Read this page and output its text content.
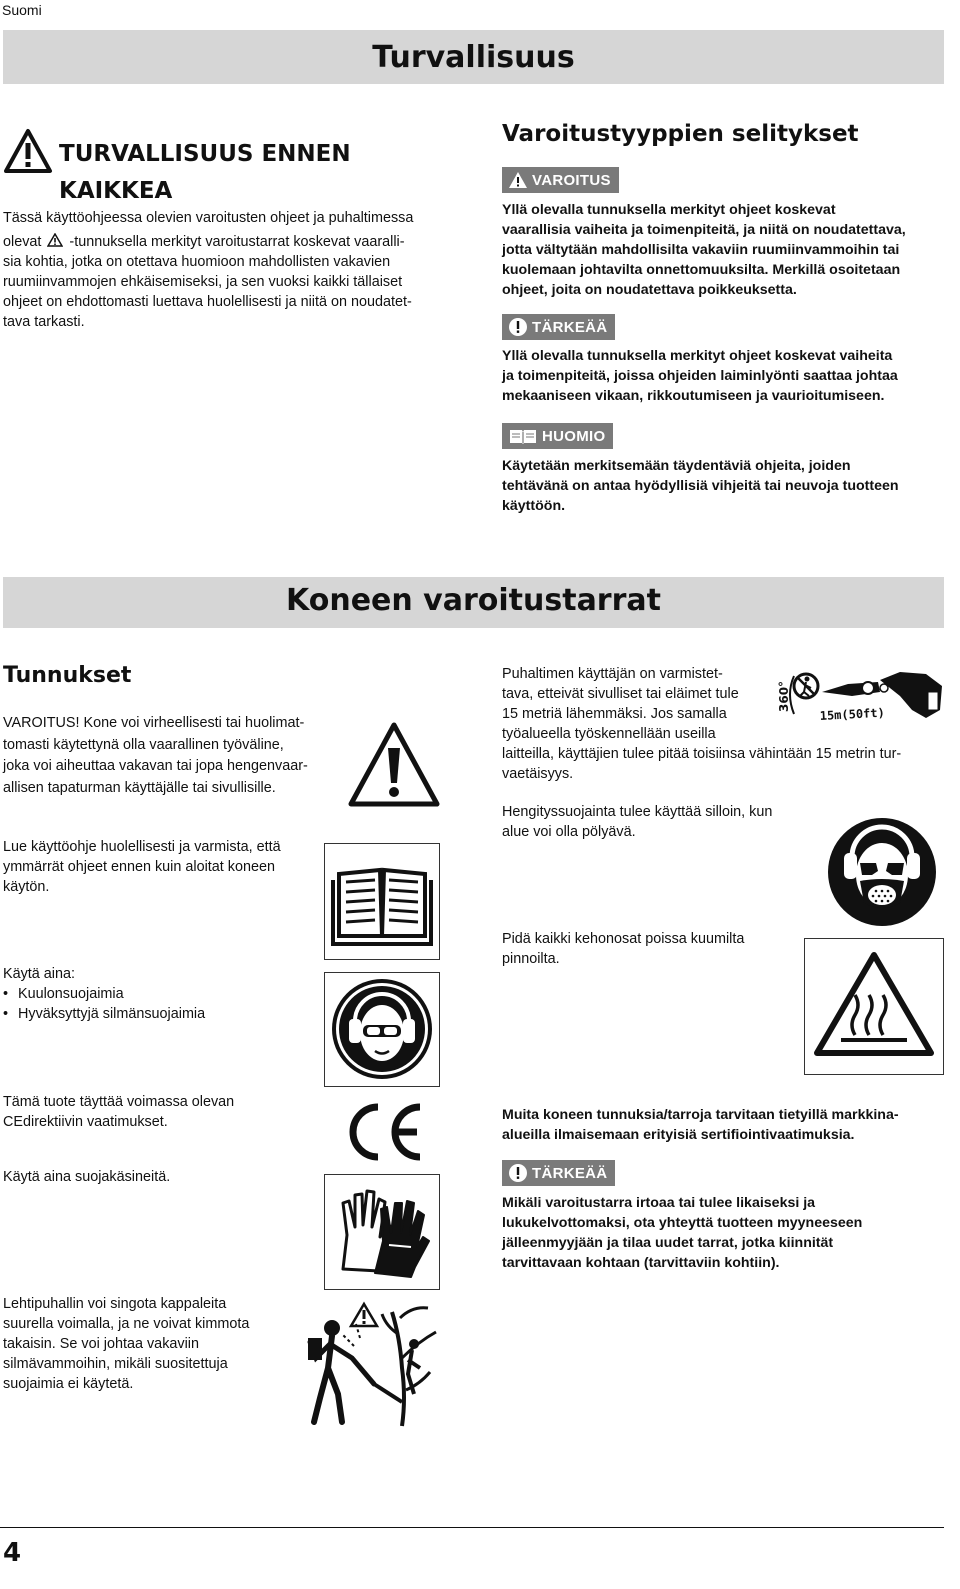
Suomi
Turvallisuus
TURVALLISUUS ENNEN
KAIKKEA
Tässä käyttöohjeessa olevien varoitusten ohjeet ja puhaltimessa
olevat -tunnuksella merkityt varoitustarrat koskevat vaaralli-
sia kohtia, jotka on otettava huomioon mahdollisten vakavien
ruumiinvammojen ehkäisemiseksi, ja sen vuoksi kaikki tällaiset
ohjeet on ehdottomasti luettava huolellisesti ja niitä on noudatet-
tava tarkasti.
Varoitustyyppien selitykset
VAROITUS
Yllä olevalla tunnuksella merkityt ohjeet koskevat
vaarallisia vaiheita ja toimenpiteitä, ja niitä on noudatettava,
jotta vältytään mahdollisilta vakaviin ruumiinvammoihin tai
kuolemaan johtavilta onnettomuuksilta. Merkillä osoitetaan
ohjeet, joita on noudatettava poikkeuksetta.
TÄRKEÄÄ
Yllä olevalla tunnuksella merkityt ohjeet koskevat vaiheita
ja toimenpiteitä, joissa ohjeiden laiminlyönti saattaa johtaa
mekaaniseen vikaan, rikkoutumiseen ja vaurioitumiseen.
HUOMIO
Käytetään merkitsemään täydentäviä ohjeita, joiden
tehtävänä on antaa hyödyllisiä vihjeitä tai neuvoja tuotteen
käyttöön.
Koneen varoitustarrat
Tunnukset
VAROITUS! Kone voi virheellisesti tai huolimat-
tomasti käytettynä olla vaarallinen työväline,
joka voi aiheuttaa vakavan tai jopa hengenvaar-
allisen tapaturman käyttäjälle tai sivullisille.
Lue käyttöohje huolellisesti ja varmista, että
ymmärrät ohjeet ennen kuin aloitat koneen
käytön.
Käytä aina:
• Kuulonsuojaimia
• Hyväksyttyjä silmänsuojaimia
Tämä tuote täyttää voimassa olevan
CEdirektiivin vaatimukset.
Käytä aina suojakäsineitä.
Lehtipuhallin voi singota kappaleita
suurella voimalla, ja ne voivat kimmota
takaisin. Se voi johtaa vakaviin
silmävammoihin, mikäli suositettuja
suojaimia ei käytetä.
Puhaltimen käyttäjän on varmistet-
tava, etteivät sivulliset tai eläimet tule
15 metriä lähemmäksi. Jos samalla
työalueella työskennellään useilla
laitteilla, käyttäjien tulee pitää toisiinsa vähintään 15 metrin tur-
vaetäisyys.
360°
15m(50ft)
Hengityssuojainta tulee käyttää silloin, kun
alue voi olla pölyävä.
Pidä kaikki kehonosat poissa kuumilta
pinnoilta.
Muita koneen tunnuksia/tarroja tarvitaan tietyillä markkina-
alueilla ilmaisemaan erityisiä sertifiointivaatimuksia.
TÄRKEÄÄ
Mikäli varoitustarra irtoaa tai tulee likaiseksi ja
lukukelvottomaksi, ota yhteyttä tuotteen myyneeseen
jälleenmyyjään ja tilaa uudet tarrat, jotka kiinnität
tarvittavaan kohtaan (tarvittaviin kohtiin).
4
